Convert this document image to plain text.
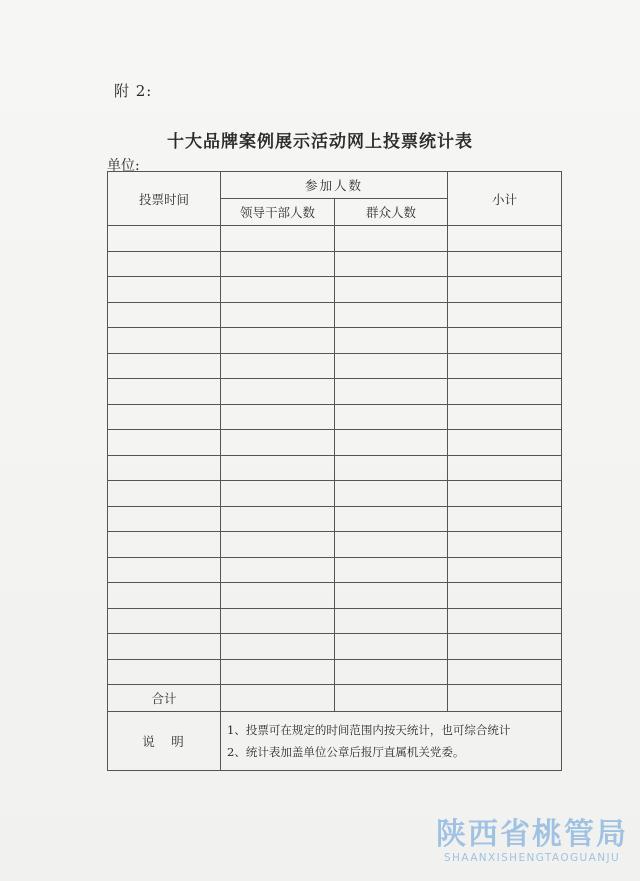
附 2:
十大品牌案例展示活动网上投票统计表
单位:
投票时间	参加人数		小计
	领导干部人数	群众人数	

合计			
说　明	1、投票可在规定的时间范围内按天统计，也可综合统计
2、统计表加盖单位公章后报厅直属机关党委。		
陕西省桃管局
SHAANXISHENGTAOGUANJU
